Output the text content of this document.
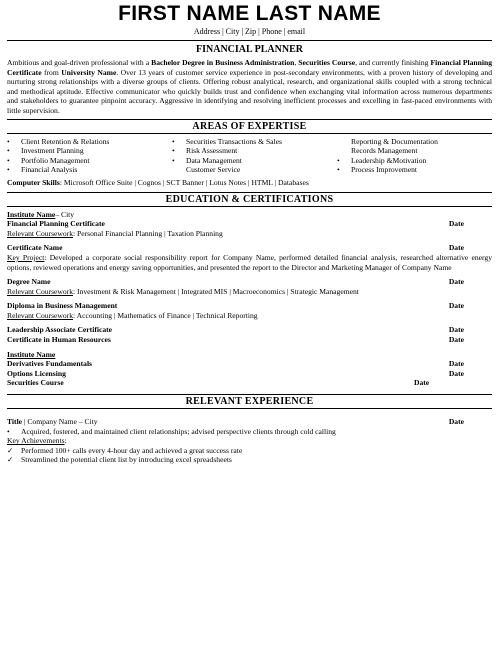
FIRST NAME LAST NAME
Address | City | Zip | Phone | email
FINANCIAL PLANNER
Ambitious and goal-driven professional with a Bachelor Degree in Business Administration, Securities Course, and currently finishing Financial Planning Certificate from University Name. Over 13 years of customer service experience in post-secondary environments, with a proven history of developing and nurturing strong relationships with a diverse groups of clients. Offering robust analytical, research, and organizational skills coupled with a strong technical and methodical aptitude. Effective communicator who quickly builds trust and confidence when exchanging vital information across numerous departments and stakeholders to guarantee pinpoint accuracy. Aggressive in identifying and resolving inefficient processes and excelling in fast-paced environments with little supervision.
AREAS OF EXPERTISE
• Client Retention & Relations
• Investment Planning
• Portfolio Management
• Financial Analysis
• Securities Transactions & Sales
• Risk Assessment
• Data Management
Customer Service
Reporting & Documentation
Records Management
• Leadership &Motivation
• Process Improvement
Computer Skills: Microsoft Office Suite | Cognos | SCT Banner | Lotus Notes | HTML | Databases
EDUCATION & CERTIFICATIONS
Institute Name– City
Financial Planning Certificate	Date
Relevant Coursework: Personal Financial Planning | Taxation Planning
Certificate Name	Date
Key Project: Developed a corporate social responsibility report for Company Name, performed detailed financial analysis, researched alternative energy options, reviewed operations and energy saving opportunities, and presented the report to the Director and Marketing Manager of Company Name
Degree Name	Date
Relevant Coursework: Investment & Risk Management | Integrated MIS | Macroeconomics | Strategic Management
Diploma in Business Management	Date
Relevant Coursework: Accounting | Mathematics of Finance | Technical Reporting
Leadership Associate Certificate	Date
Certificate in Human Resources	Date
Institute Name
Derivatives Fundamentals	Date
Options Licensing	Date
Securities Course	Date
RELEVANT EXPERIENCE
Title | Company Name – City	Date
• Acquired, fostered, and maintained client relationships; advised perspective clients through cold calling
Key Achievements:
✓ Performed 100+ calls every 4-hour day and achieved a great success rate
✓ Streamlined the potential client list by introducing excel spreadsheets
